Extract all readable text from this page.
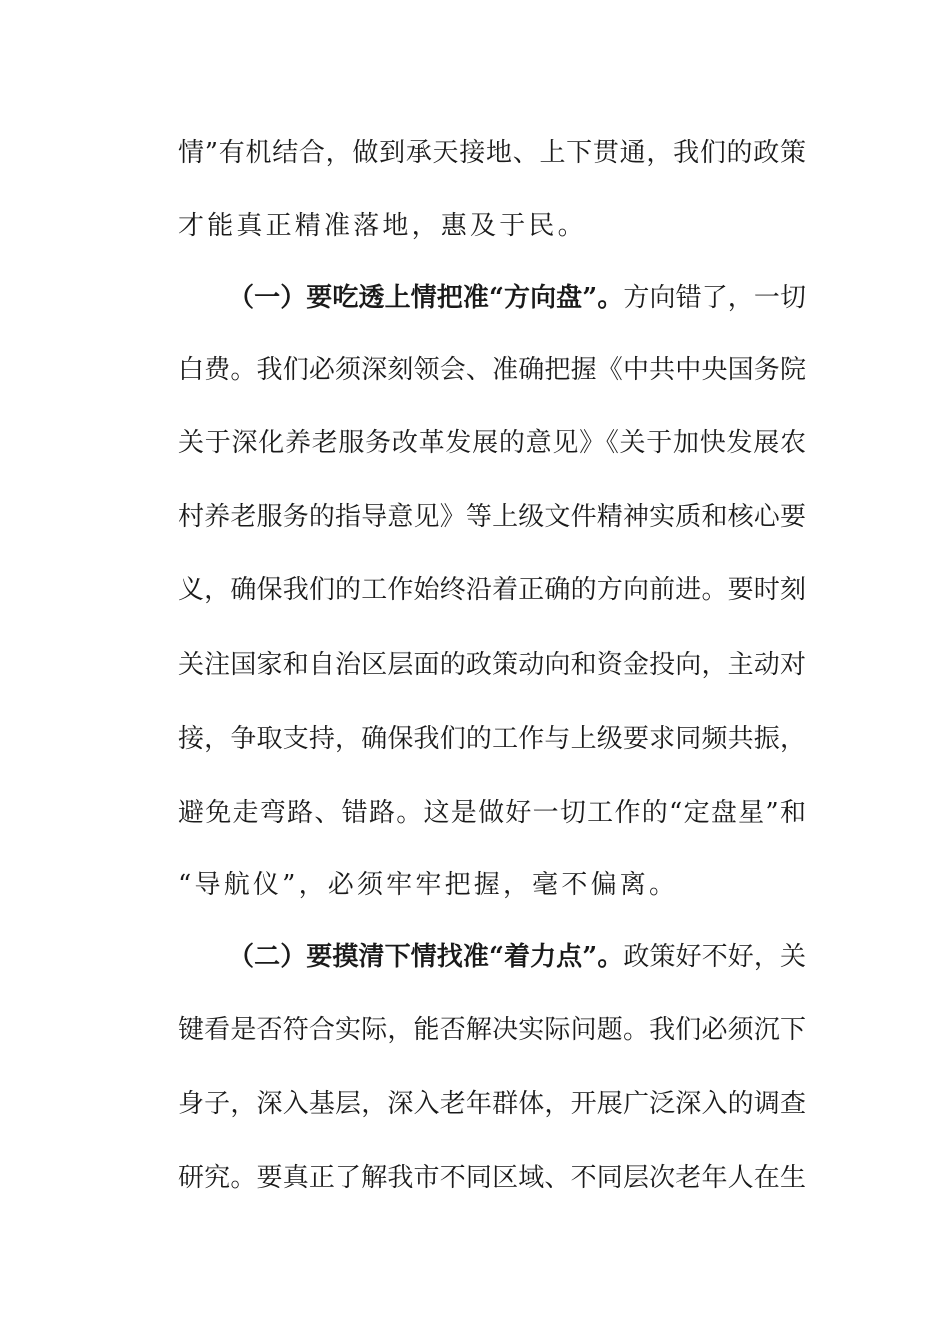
情”有机结合，做到承天接地、上下贯通，我们的政策
才能真正精准落地，惠及于民。
（一）要吃透上情把准“方向盘”。方向错了，一切
白费。我们必须深刻领会、准确把握《中共中央国务院
关于深化养老服务改革发展的意见》《关于加快发展农
村养老服务的指导意见》等上级文件精神实质和核心要
义，确保我们的工作始终沿着正确的方向前进。要时刻
关注国家和自治区层面的政策动向和资金投向，主动对
接，争取支持，确保我们的工作与上级要求同频共振，
避免走弯路、错路。这是做好一切工作的“定盘星”和
“导航仪”，必须牢牢把握，毫不偏离。
（二）要摸清下情找准“着力点”。政策好不好，关
键看是否符合实际，能否解决实际问题。我们必须沉下
身子，深入基层，深入老年群体，开展广泛深入的调查
研究。要真正了解我市不同区域、不同层次老年人在生
